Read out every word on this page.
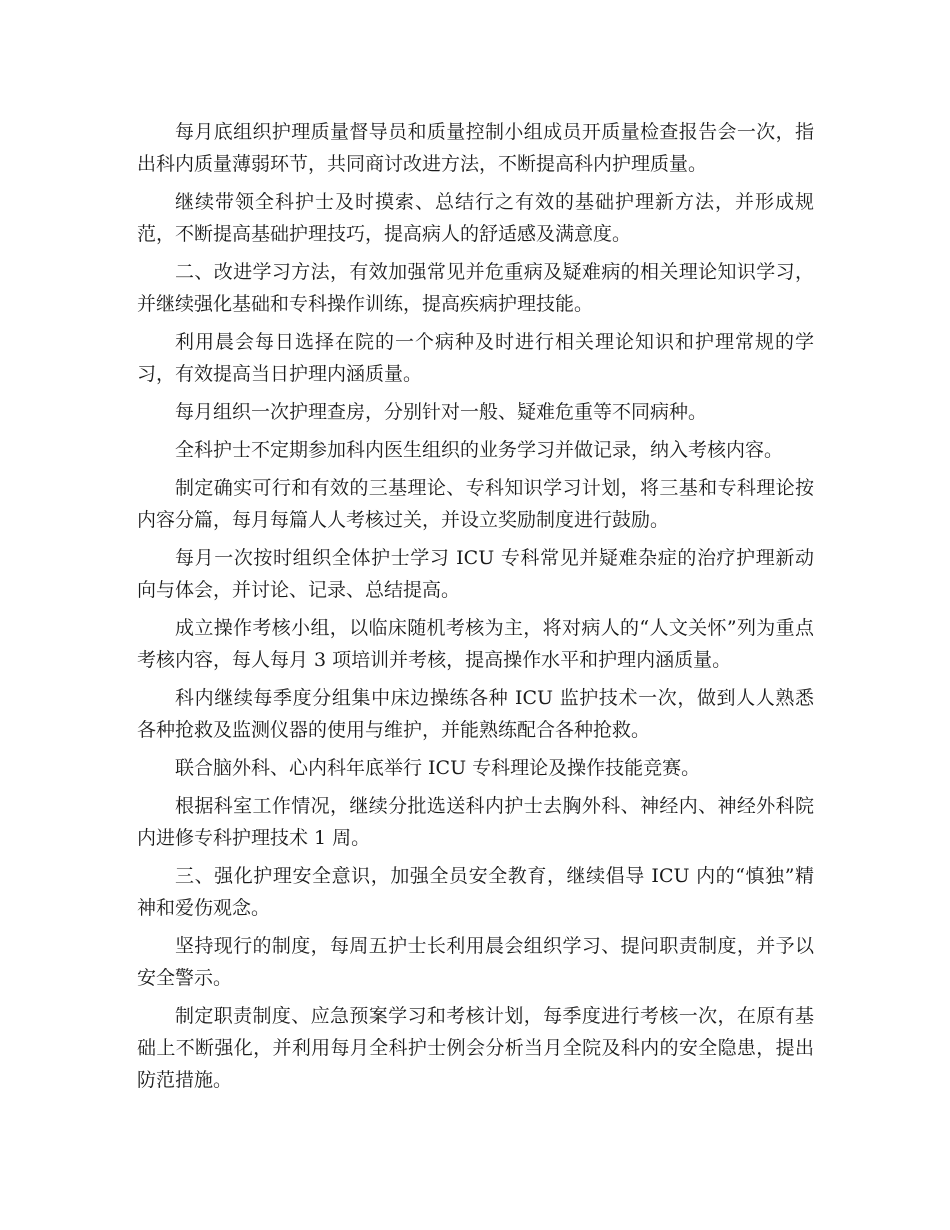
每月底组织护理质量督导员和质量控制小组成员开质量检查报告会一次，指出科内质量薄弱环节，共同商讨改进方法，不断提高科内护理质量。

继续带领全科护士及时摸索、总结行之有效的基础护理新方法，并形成规范，不断提高基础护理技巧，提高病人的舒适感及满意度。

二、改进学习方法，有效加强常见并危重病及疑难病的相关理论知识学习，并继续强化基础和专科操作训练，提高疾病护理技能。

利用晨会每日选择在院的一个病种及时进行相关理论知识和护理常规的学习，有效提高当日护理内涵质量。

每月组织一次护理查房，分别针对一般、疑难危重等不同病种。

全科护士不定期参加科内医生组织的业务学习并做记录，纳入考核内容。

制定确实可行和有效的三基理论、专科知识学习计划，将三基和专科理论按内容分篇，每月每篇人人考核过关，并设立奖励制度进行鼓励。

每月一次按时组织全体护士学习 ICU 专科常见并疑难杂症的治疗护理新动向与体会，并讨论、记录、总结提高。

成立操作考核小组，以临床随机考核为主，将对病人的“人文关怀”列为重点考核内容，每人每月 3 项培训并考核，提高操作水平和护理内涵质量。

科内继续每季度分组集中床边操练各种 ICU 监护技术一次，做到人人熟悉各种抢救及监测仪器的使用与维护，并能熟练配合各种抢救。

联合脑外科、心内科年底举行 ICU 专科理论及操作技能竞赛。

根据科室工作情况，继续分批选送科内护士去胸外科、神经内、神经外科院内进修专科护理技术 1 周。

三、强化护理安全意识，加强全员安全教育，继续倡导 ICU 内的“慎独”精神和爱伤观念。

坚持现行的制度，每周五护士长利用晨会组织学习、提问职责制度，并予以安全警示。

制定职责制度、应急预案学习和考核计划，每季度进行考核一次，在原有基础上不断强化，并利用每月全科护士例会分析当月全院及科内的安全隐患，提出防范措施。
